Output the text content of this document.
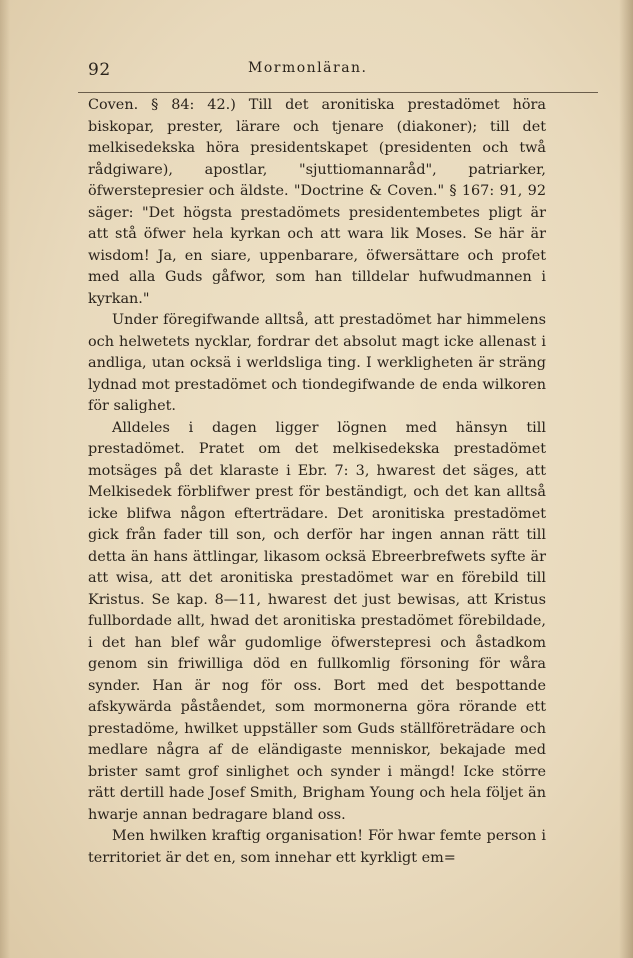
92	Mormonläran.

Coven. § 84: 42.) Till det aronitiska prestadömet höra biskopar, prester, lärare och tjenare (diakoner); till det melkisedekska höra presidentskapet (presidenten och twå rådgiware), apostlar, "sjuttiomannaråd", patriarker, öfwerstepresier och äldste. "Doctrine & Coven." § 167: 91, 92 säger: "Det högsta prestadömets presidentembetes pligt är att stå öfwer hela kyrkan och att wara lik Moses. Se här är wisdom! Ja, en siare, uppenbarare, öfwersättare och profet med alla Guds gåfwor, som han tilldelar hufwudmannen i kyrkan."

Under föregifwande alltså, att prestadömet har himmelens och helwetets nycklar, fordrar det absolut magt icke allenast i andliga, utan ocksä i werldsliga ting. I werkligheten är sträng lydnad mot prestadömet och tiondegifwande de enda wilkoren för salighet.

Alldeles i dagen ligger lögnen med hänsyn till prestadömet. Pratet om det melkisedekska prestadömet motsäges på det klaraste i Ebr. 7: 3, hwarest det säges, att Melkisedek förblifwer prest för beständigt, och det kan alltså icke blifwa någon efterträdare. Det aronitiska prestadömet gick från fader till son, och derför har ingen annan rätt till detta än hans ättlingar, likasom ocksä Ebreerbrefwets syfte är att wisa, att det aronitiska prestadömet war en förebild till Kristus. Se kap. 8—11, hwarest det just bewisas, att Kristus fullbordade allt, hwad det aronitiska prestadömet förebildade, i det han blef wår gudomlige öfwerstepresi och åstadkom genom sin friwilliga död en fullkomlig försoning för wåra synder. Han är nog för oss. Bort med det bespottande afskywärda påståendet, som mormonerna göra rörande ett prestadöme, hwilket uppställer som Guds ställföreträdare och medlare några af de eländigaste menniskor, bekajade med brister samt grof sinlighet och synder i mängd! Icke större rätt dertill hade Josef Smith, Brigham Young och hela följet än hwarje annan bedragare bland oss.

Men hwilken kraftig organisation! För hwar femte person i territoriet är det en, som innehar ett kyrkligt em=
